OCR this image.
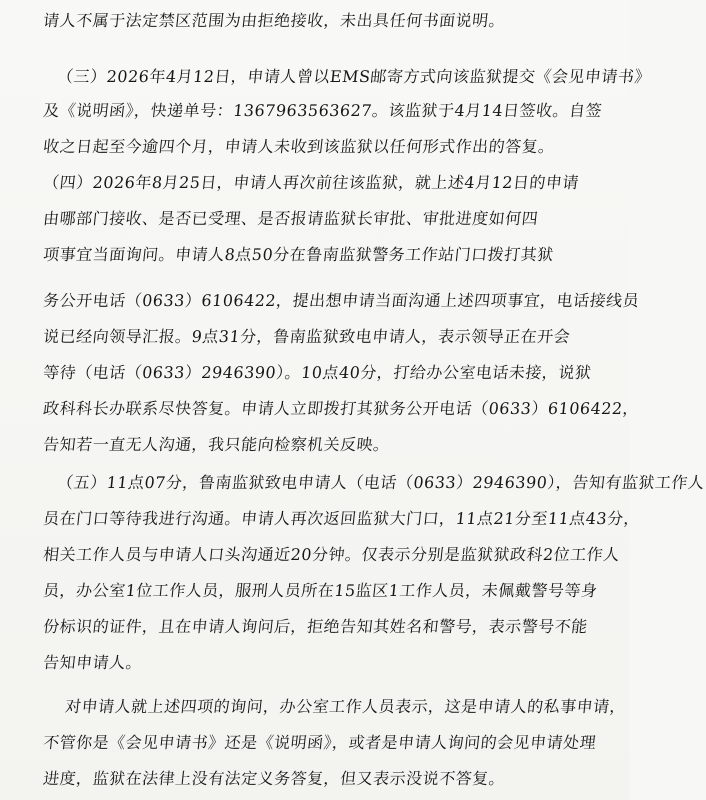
请人不属于法定禁区范围为由拒绝接收，未出具任何书面说明。
（三）2026年4月12日，申请人曾以EMS邮寄方式向该监狱提交《会见申请书》
及《说明函》，快递单号：1367963563627。该监狱于4月14日签收。自签
收之日起至今逾四个月，申请人未收到该监狱以任何形式作出的答复。
（四）2026年8月25日，申请人再次前往该监狱，就上述4月12日的申请
由哪部门接收、是否已受理、是否报请监狱长审批、审批进度如何四
项事宜当面询问。申请人8点50分在鲁南监狱警务工作站门口拨打其狱
务公开电话（0633）6106422，提出想申请当面沟通上述四项事宜，电话接线员
说已经向领导汇报。9点31分，鲁南监狱致电申请人，表示领导正在开会
等待（电话（0633）2946390）。10点40分，打给办公室电话未接，说狱
政科科长办联系尽快答复。申请人立即拨打其狱务公开电话（0633）6106422，
告知若一直无人沟通，我只能向检察机关反映。
（五）11点07分，鲁南监狱致电申请人（电话（0633）2946390），告知有监狱工作人
员在门口等待我进行沟通。申请人再次返回监狱大门口，11点21分至11点43分，
相关工作人员与申请人口头沟通近20分钟。仅表示分别是监狱狱政科2位工作人
员，办公室1位工作人员，服刑人员所在15监区1工作人员，未佩戴警号等身
份标识的证件，且在申请人询问后，拒绝告知其姓名和警号，表示警号不能
告知申请人。
对申请人就上述四项的询问，办公室工作人员表示，这是申请人的私事申请，
不管你是《会见申请书》还是《说明函》，或者是申请人询问的会见申请处理
进度，监狱在法律上没有法定义务答复，但又表示没说不答复。
